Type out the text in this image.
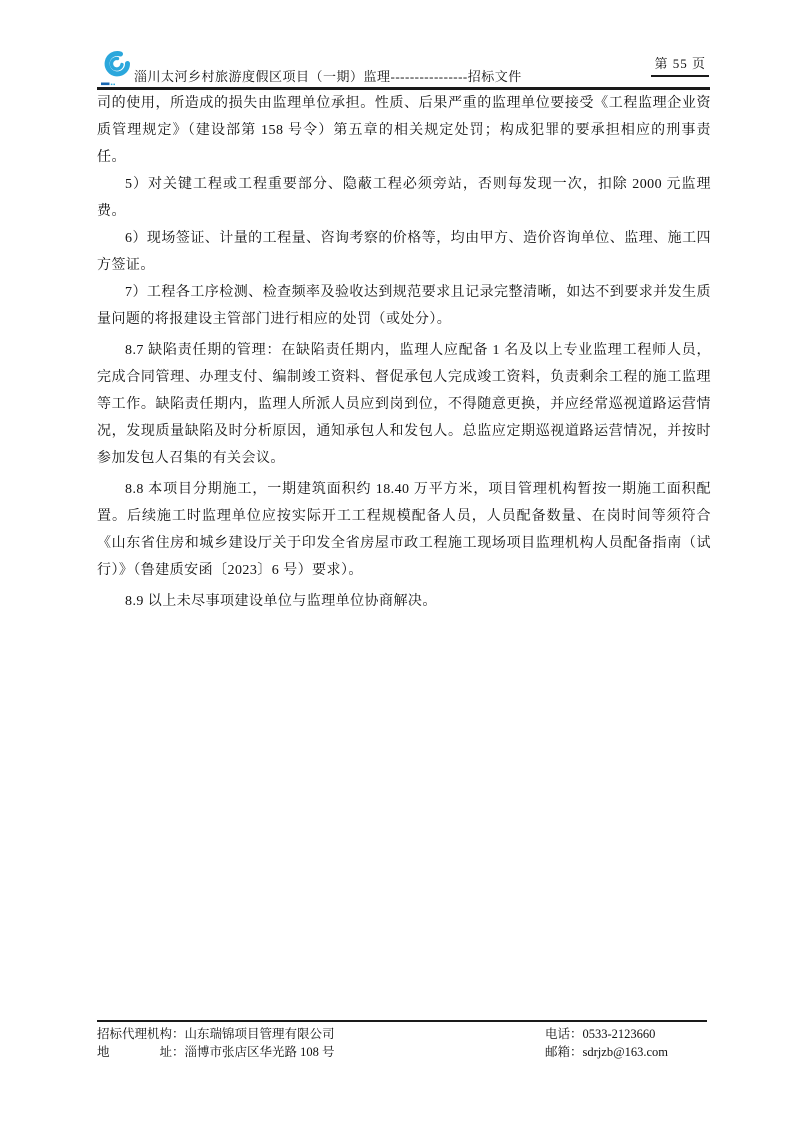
淄川太河乡村旅游度假区项目（一期）监理----------------招标文件
第 55 页

司的使用，所造成的损失由监理单位承担。性质、后果严重的监理单位要接受《工程监理企业资质管理规定》（建设部第 158 号令）第五章的相关规定处罚；构成犯罪的要承担相应的刑事责任。

5）对关键工程或工程重要部分、隐蔽工程必须旁站，否则每发现一次，扣除 2000 元监理费。

6）现场签证、计量的工程量、咨询考察的价格等，均由甲方、造价咨询单位、监理、施工四方签证。

7）工程各工序检测、检查频率及验收达到规范要求且记录完整清晰，如达不到要求并发生质量问题的将报建设主管部门进行相应的处罚（或处分）。

8.7 缺陷责任期的管理：在缺陷责任期内，监理人应配备 1 名及以上专业监理工程师人员，完成合同管理、办理支付、编制竣工资料、督促承包人完成竣工资料，负责剩余工程的施工监理等工作。缺陷责任期内，监理人所派人员应到岗到位，不得随意更换，并应经常巡视道路运营情况，发现质量缺陷及时分析原因，通知承包人和发包人。总监应定期巡视道路运营情况，并按时参加发包人召集的有关会议。

8.8 本项目分期施工，一期建筑面积约 18.40 万平方米，项目管理机构暂按一期施工面积配置。后续施工时监理单位应按实际开工工程规模配备人员，人员配备数量、在岗时间等须符合《山东省住房和城乡建设厅关于印发全省房屋市政工程施工现场项目监理机构人员配备指南（试行）》（鲁建质安函〔2023〕6 号）要求）。

8.9 以上未尽事项建设单位与监理单位协商解决。

招标代理机构：山东瑞锦项目管理有限公司
地　　　　址：淄博市张店区华光路 108 号
电话：0533-2123660
邮箱：sdrjzb@163.com
